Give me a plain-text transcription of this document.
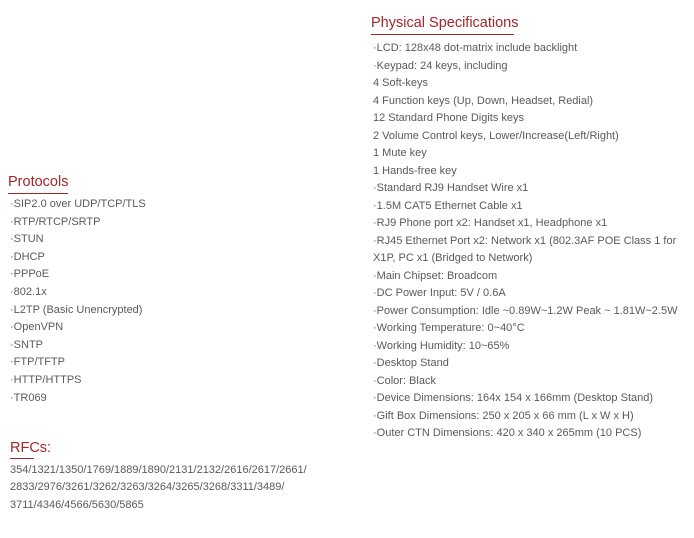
Physical Specifications
·LCD: 128x48 dot-matrix include backlight
·Keypad: 24 keys, including
4 Soft-keys
4 Function keys (Up, Down, Headset, Redial)
12 Standard Phone Digits keys
2 Volume Control keys, Lower/Increase(Left/Right)
1 Mute key
1 Hands-free key
·Standard RJ9 Handset Wire x1
·1.5M CAT5 Ethernet Cable x1
·RJ9 Phone port x2: Handset x1, Headphone x1
·RJ45 Ethernet Port x2: Network x1 (802.3AF POE Class 1 for X1P, PC x1 (Bridged to Network)
·Main Chipset: Broadcom
·DC Power Input: 5V / 0.6A
·Power Consumption: Idle ~0.89W~1.2W Peak ~ 1.81W~2.5W
·Working Temperature: 0~40°C
·Working Humidity: 10~65%
·Desktop Stand
·Color: Black
·Device Dimensions: 164x 154 x 166mm (Desktop Stand)
·Gift Box Dimensions: 250 x 205 x 66 mm (L x W x H)
·Outer CTN Dimensions: 420 x 340 x 265mm (10 PCS)
Protocols
·SIP2.0 over UDP/TCP/TLS
·RTP/RTCP/SRTP
·STUN
·DHCP
·PPPoE
·802.1x
·L2TP (Basic Unencrypted)
·OpenVPN
·SNTP
·FTP/TFTP
·HTTP/HTTPS
·TR069
RFCs:
354/1321/1350/1769/1889/1890/2131/2132/2616/2617/2661/
2833/2976/3261/3262/3263/3264/3265/3268/3311/3489/
3711/4346/4566/5630/5865
